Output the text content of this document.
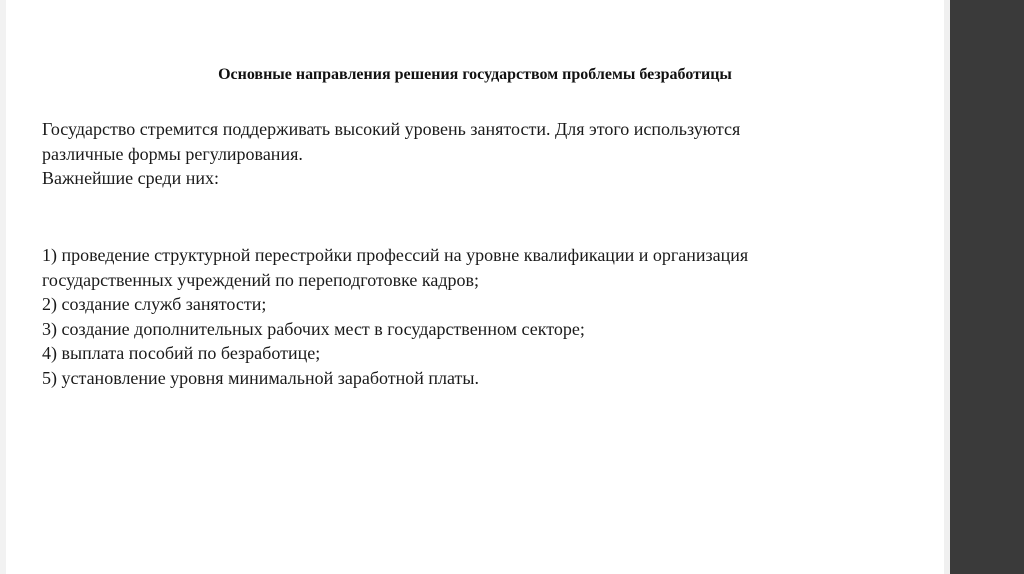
Основные направления решения государством проблемы безработицы
Государство стремится поддерживать высокий уровень занятости. Для этого используются
различные формы регулирования.
Важнейшие среди них:
1) проведение структурной перестройки профессий на уровне квалификации и организация
государственных учреждений по переподготовке кадров;
2) создание служб занятости;
3) создание дополнительных рабочих мест в государственном секторе;
4) выплата пособий по безработице;
5) установление уровня минимальной заработной платы.
